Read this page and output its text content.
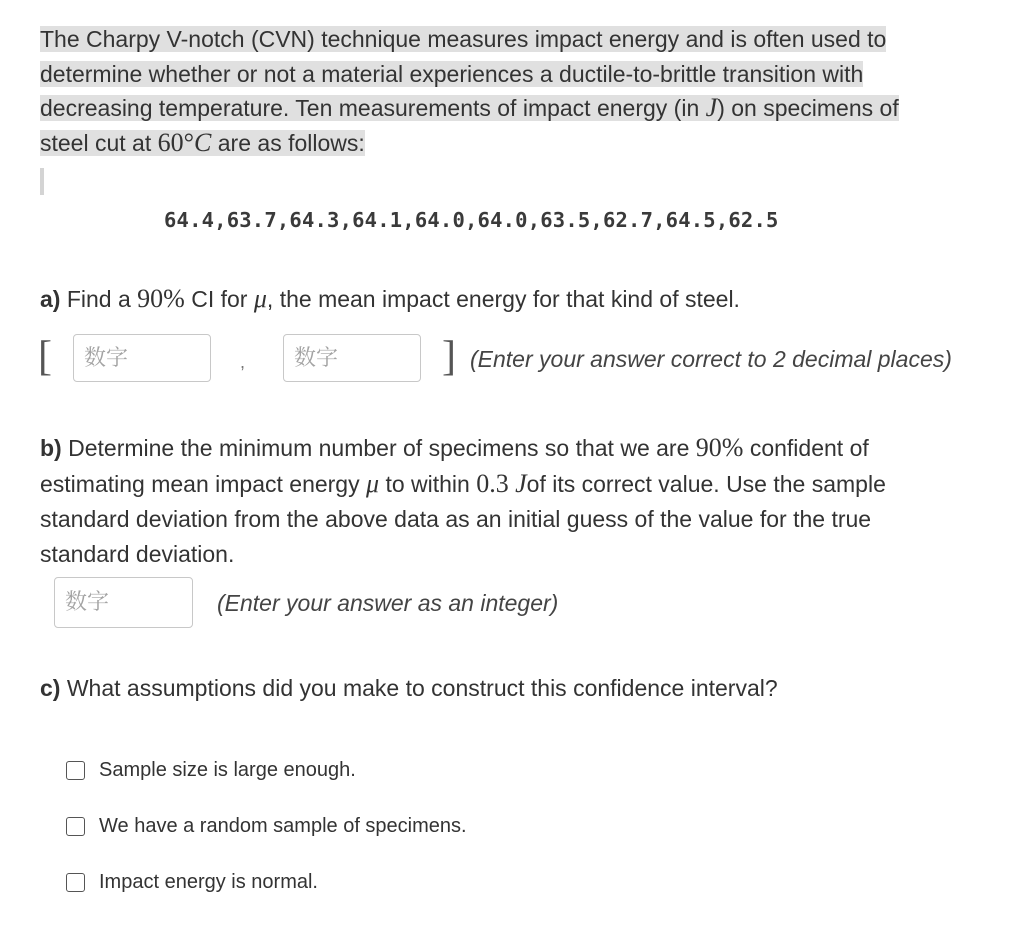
The Charpy V-notch (CVN) technique measures impact energy and is often used to
determine whether or not a material experiences a ductile-to-brittle transition with
decreasing temperature. Ten measurements of impact energy (in J) on specimens of
steel cut at 60°C are as follows:
64.4,63.7,64.3,64.1,64.0,64.0,63.5,62.7,64.5,62.5
a) Find a 90% CI for μ, the mean impact energy for that kind of steel.
[
数字	,
数字	] (Enter your answer correct to 2 decimal places)
b) Determine the minimum number of specimens so that we are 90% confident of
estimating mean impact energy μ to within 0.3 Jof its correct value. Use the sample
standard deviation from the above data as an initial guess of the value for the true
standard deviation.
数字
(Enter your answer as an integer)
c) What assumptions did you make to construct this confidence interval?
Sample size is large enough.
We have a random sample of specimens.
Impact energy is normal.
